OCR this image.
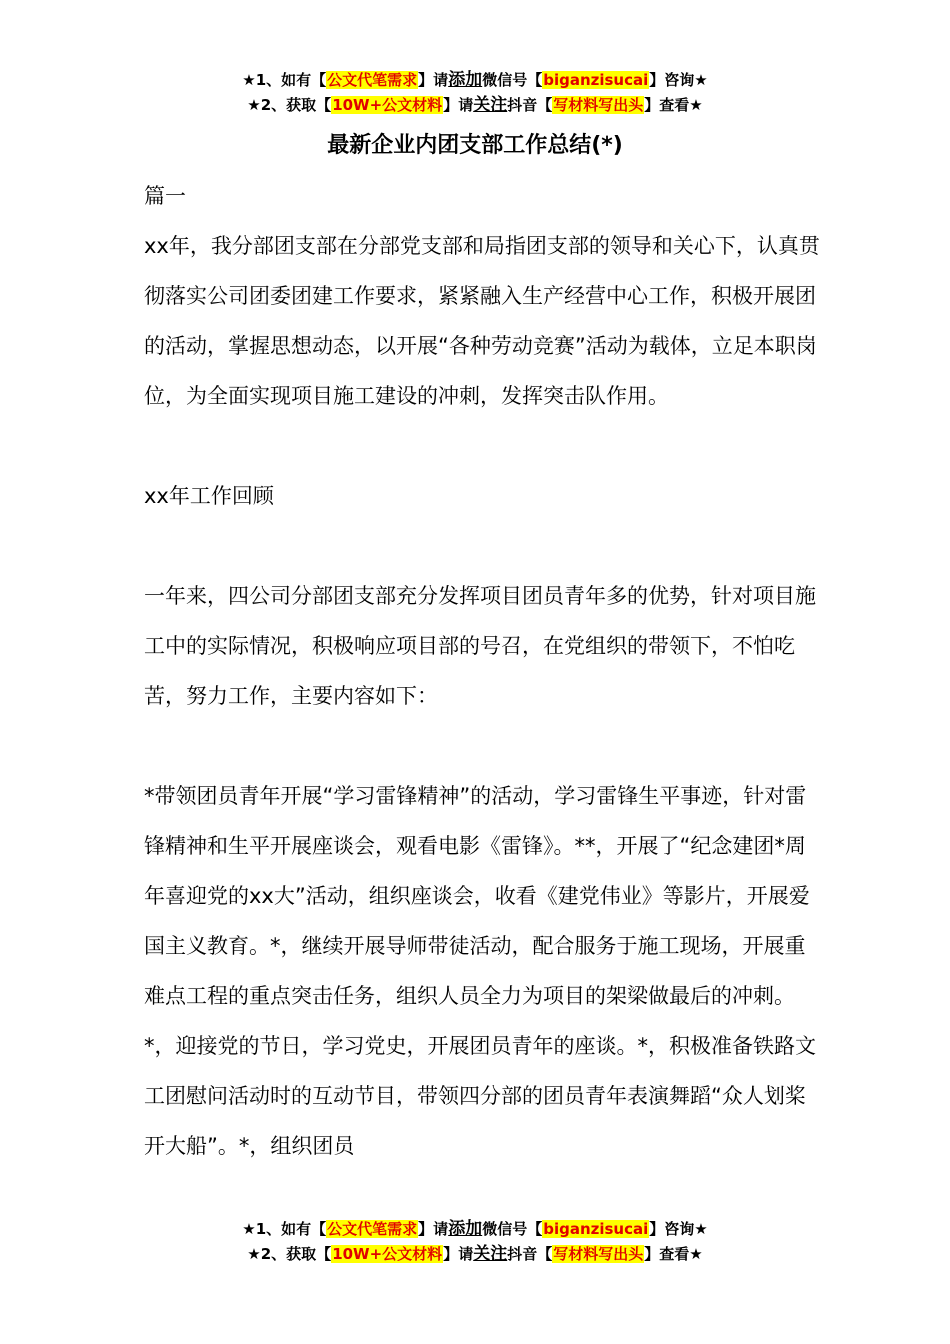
★1、如有【公文代笔需求】请添加微信号【biganzisucai】咨询★
★2、获取【10W+公文材料】请关注抖音【写材料写出头】查看★
最新企业内团支部工作总结(*)

篇一

xx年，我分部团支部在分部党支部和局指团支部的领导和关心下，认真贯彻落实公司团委团建工作要求，紧紧融入生产经营中心工作，积极开展团的活动，掌握思想动态，以开展“各种劳动竞赛”活动为载体，立足本职岗位，为全面实现项目施工建设的冲刺，发挥突击队作用。

xx年工作回顾

一年来，四公司分部团支部充分发挥项目团员青年多的优势，针对项目施工中的实际情况，积极响应项目部的号召，在党组织的带领下，不怕吃苦，努力工作，主要内容如下：

*带领团员青年开展“学习雷锋精神”的活动，学习雷锋生平事迹，针对雷锋精神和生平开展座谈会，观看电影《雷锋》。**，开展了“纪念建团*周年喜迎党的xx大”活动，组织座谈会，收看《建党伟业》等影片，开展爱国主义教育。*，继续开展导师带徒活动，配合服务于施工现场，开展重难点工程的重点突击任务，组织人员全力为项目的架梁做最后的冲刺。*，迎接党的节日，学习党史，开展团员青年的座谈。*，积极准备铁路文工团慰问活动时的互动节目，带领四分部的团员青年表演舞蹈“众人划桨开大船”。*，组织团员

★1、如有【公文代笔需求】请添加微信号【biganzisucai】咨询★
★2、获取【10W+公文材料】请关注抖音【写材料写出头】查看★
